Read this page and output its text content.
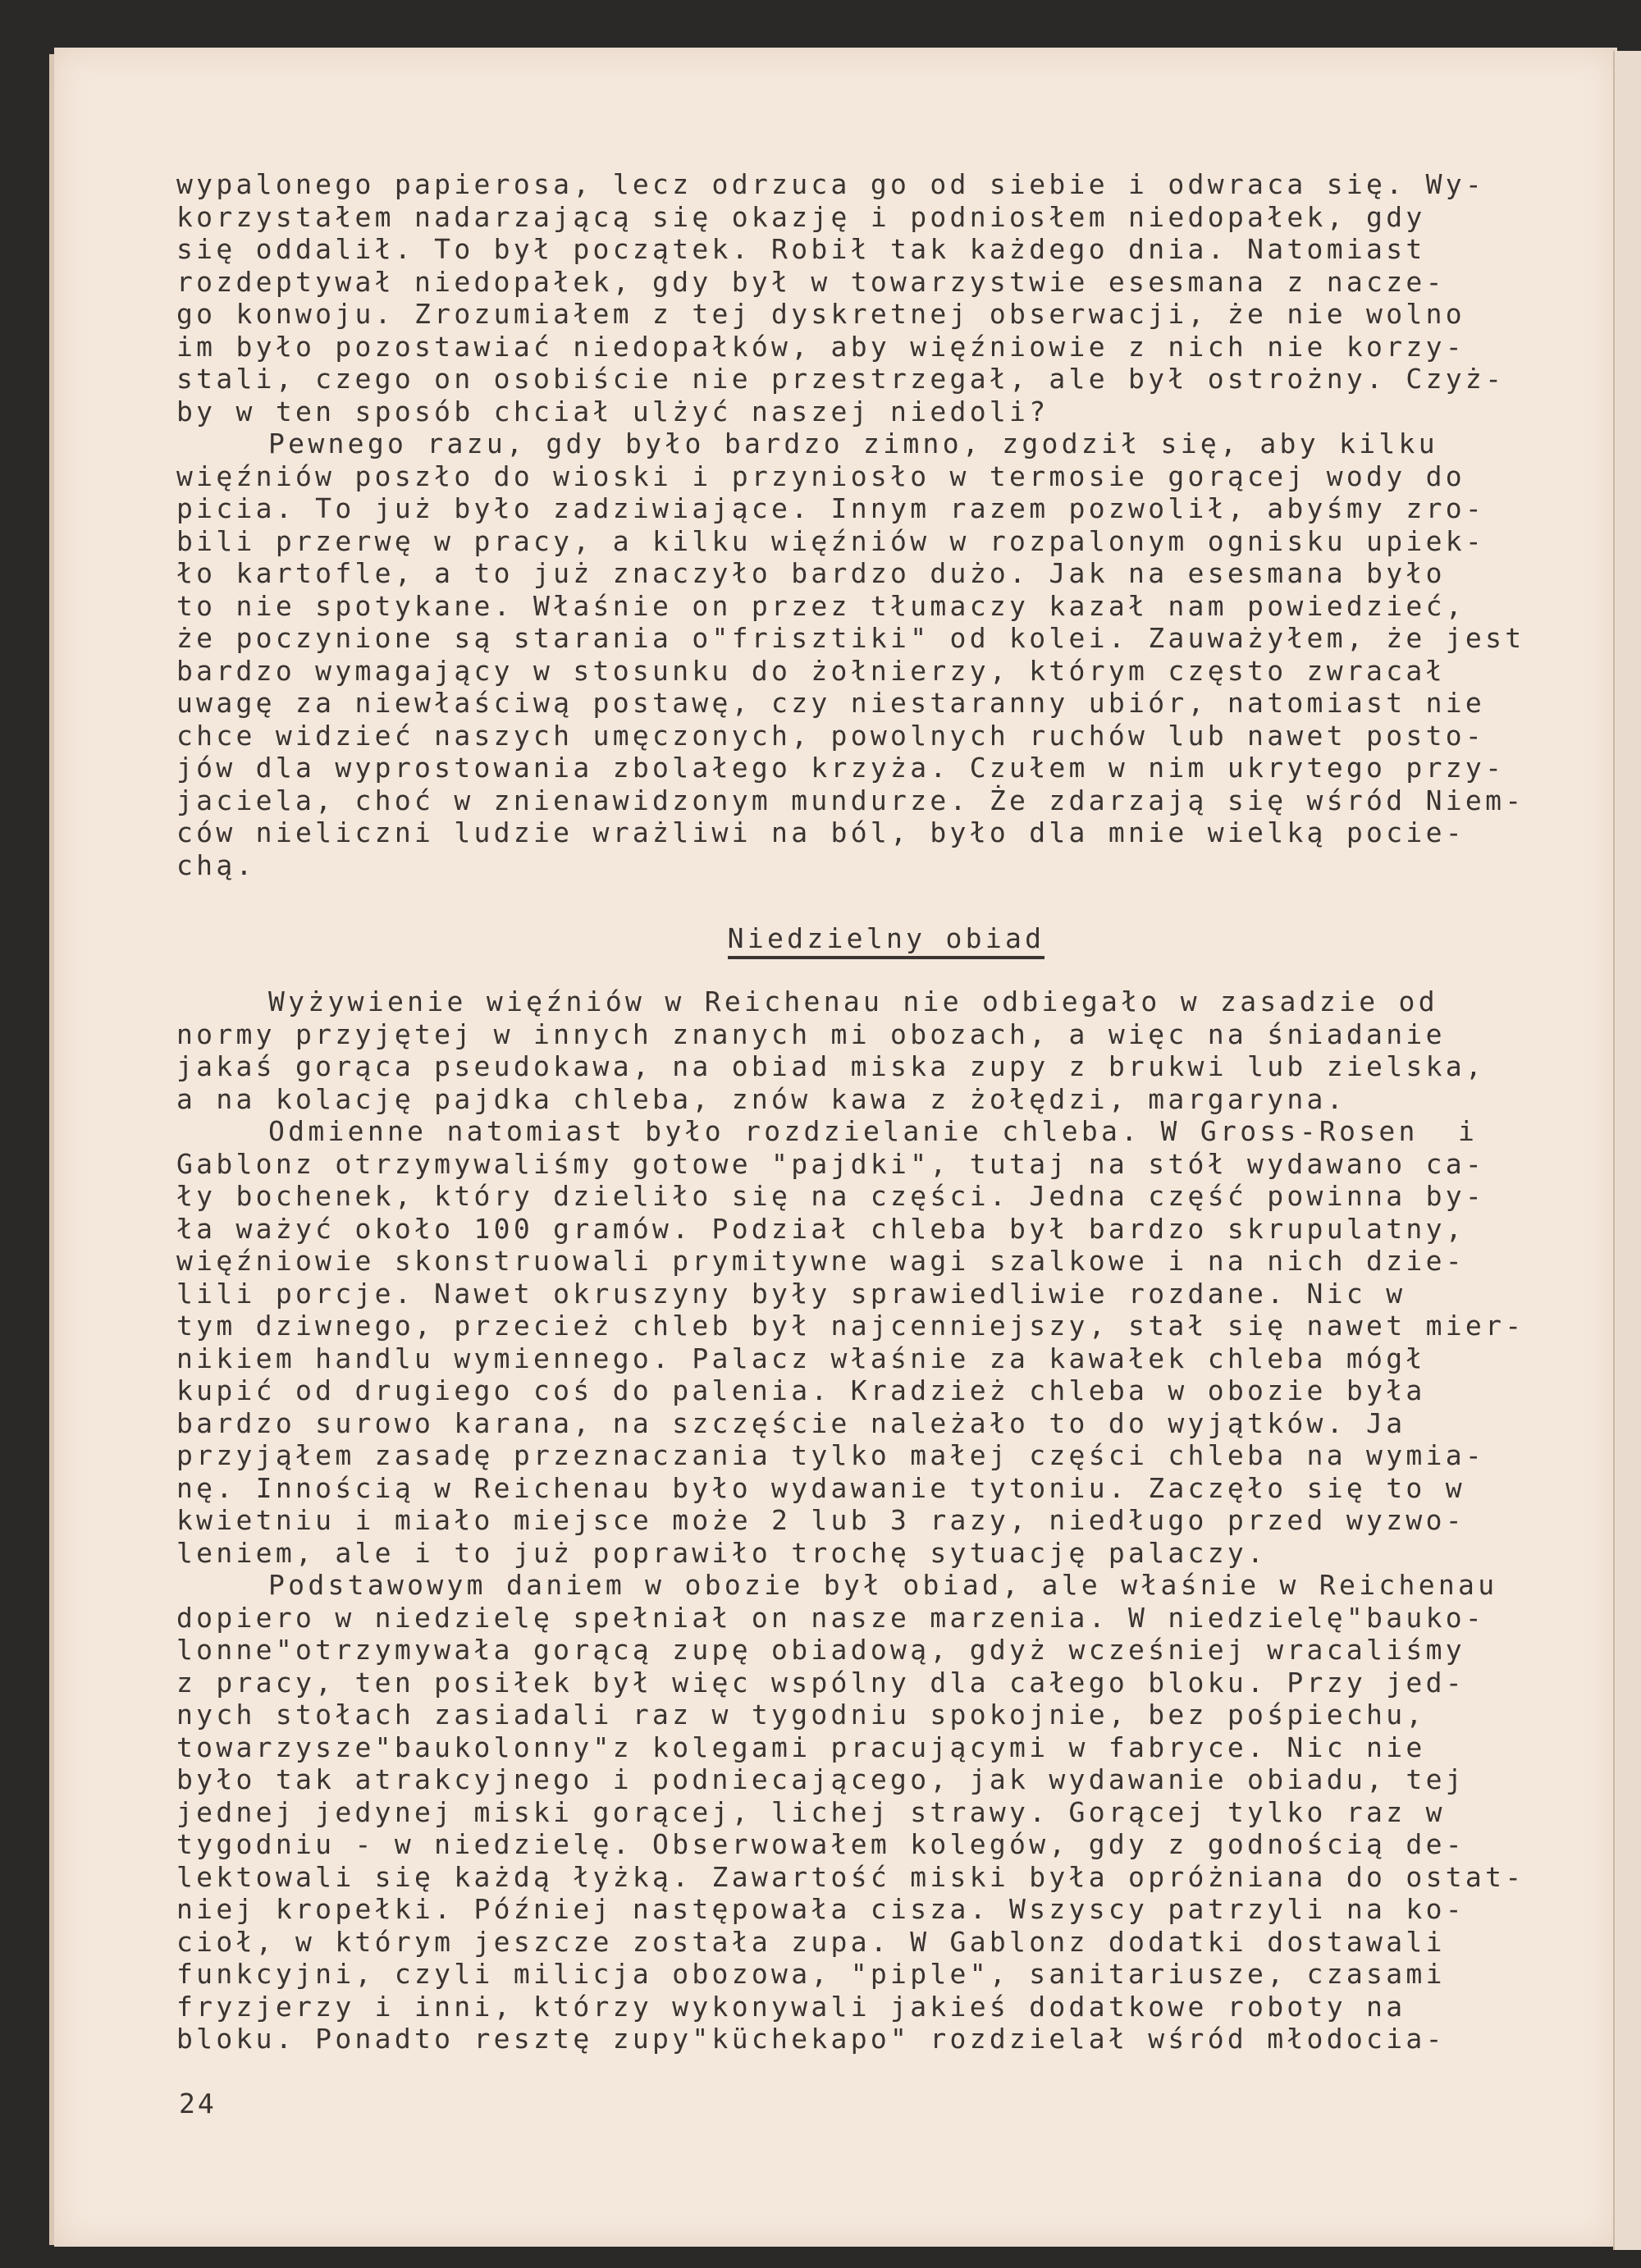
wypalonego papierosa, lecz odrzuca go od siebie i odwraca się. Wy-
korzystałem nadarzającą się okazję i podniosłem niedopałek, gdy
się oddalił. To był początek. Robił tak każdego dnia. Natomiast
rozdeptywał niedopałek, gdy był w towarzystwie esesmana z nacze-
go konwoju. Zrozumiałem z tej dyskretnej obserwacji, że nie wolno
im było pozostawiać niedopałków, aby więźniowie z nich nie korzy-
stali, czego on osobiście nie przestrzegał, ale był ostrożny. Czyż-
by w ten sposób chciał ulżyć naszej niedoli?
Pewnego razu, gdy było bardzo zimno, zgodził się, aby kilku
więźniów poszło do wioski i przyniosło w termosie gorącej wody do
picia. To już było zadziwiające. Innym razem pozwolił, abyśmy zro-
bili przerwę w pracy, a kilku więźniów w rozpalonym ognisku upiek-
ło kartofle, a to już znaczyło bardzo dużo. Jak na esesmana było
to nie spotykane. Właśnie on przez tłumaczy kazał nam powiedzieć,
że poczynione są starania o"frisztiki" od kolei. Zauważyłem, że jest
bardzo wymagający w stosunku do żołnierzy, którym często zwracał
uwagę za niewłaściwą postawę, czy niestaranny ubiór, natomiast nie
chce widzieć naszych umęczonych, powolnych ruchów lub nawet posto-
jów dla wyprostowania zbolałego krzyża. Czułem w nim ukrytego przy-
jaciela, choć w znienawidzonym mundurze. Że zdarzają się wśród Niem-
ców nieliczni ludzie wrażliwi na ból, było dla mnie wielką pocie-
chą.
Niedzielny obiad
Wyżywienie więźniów w Reichenau nie odbiegało w zasadzie od
normy przyjętej w innych znanych mi obozach, a więc na śniadanie
jakaś gorąca pseudokawa, na obiad miska zupy z brukwi lub zielska,
a na kolację pajdka chleba, znów kawa z żołędzi, margaryna.
Odmienne natomiast było rozdzielanie chleba. W Gross-Rosen  i
Gablonz otrzymywaliśmy gotowe "pajdki", tutaj na stół wydawano ca-
ły bochenek, który dzieliło się na części. Jedna część powinna by-
ła ważyć około 100 gramów. Podział chleba był bardzo skrupulatny,
więźniowie skonstruowali prymitywne wagi szalkowe i na nich dzie-
lili porcje. Nawet okruszyny były sprawiedliwie rozdane. Nic w
tym dziwnego, przecież chleb był najcenniejszy, stał się nawet mier-
nikiem handlu wymiennego. Palacz właśnie za kawałek chleba mógł
kupić od drugiego coś do palenia. Kradzież chleba w obozie była
bardzo surowo karana, na szczęście należało to do wyjątków. Ja
przyjąłem zasadę przeznaczania tylko małej części chleba na wymia-
nę. Innością w Reichenau było wydawanie tytoniu. Zaczęło się to w
kwietniu i miało miejsce może 2 lub 3 razy, niedługo przed wyzwo-
leniem, ale i to już poprawiło trochę sytuację palaczy.
Podstawowym daniem w obozie był obiad, ale właśnie w Reichenau
dopiero w niedzielę spełniał on nasze marzenia. W niedzielę"bauko-
lonne"otrzymywała gorącą zupę obiadową, gdyż wcześniej wracaliśmy
z pracy, ten posiłek był więc wspólny dla całego bloku. Przy jed-
nych stołach zasiadali raz w tygodniu spokojnie, bez pośpiechu,
towarzysze"baukolonny"z kolegami pracującymi w fabryce. Nic nie
było tak atrakcyjnego i podniecającego, jak wydawanie obiadu, tej
jednej jedynej miski gorącej, lichej strawy. Gorącej tylko raz w
tygodniu - w niedzielę. Obserwowałem kolegów, gdy z godnością de-
lektowali się każdą łyżką. Zawartość miski była opróżniana do ostat-
niej kropełki. Później następowała cisza. Wszyscy patrzyli na ko-
cioł, w którym jeszcze została zupa. W Gablonz dodatki dostawali
funkcyjni, czyli milicja obozowa, "piple", sanitariusze, czasami
fryzjerzy i inni, którzy wykonywali jakieś dodatkowe roboty na
bloku. Ponadto resztę zupy"küchekapo" rozdzielał wśród młodocia-
24
